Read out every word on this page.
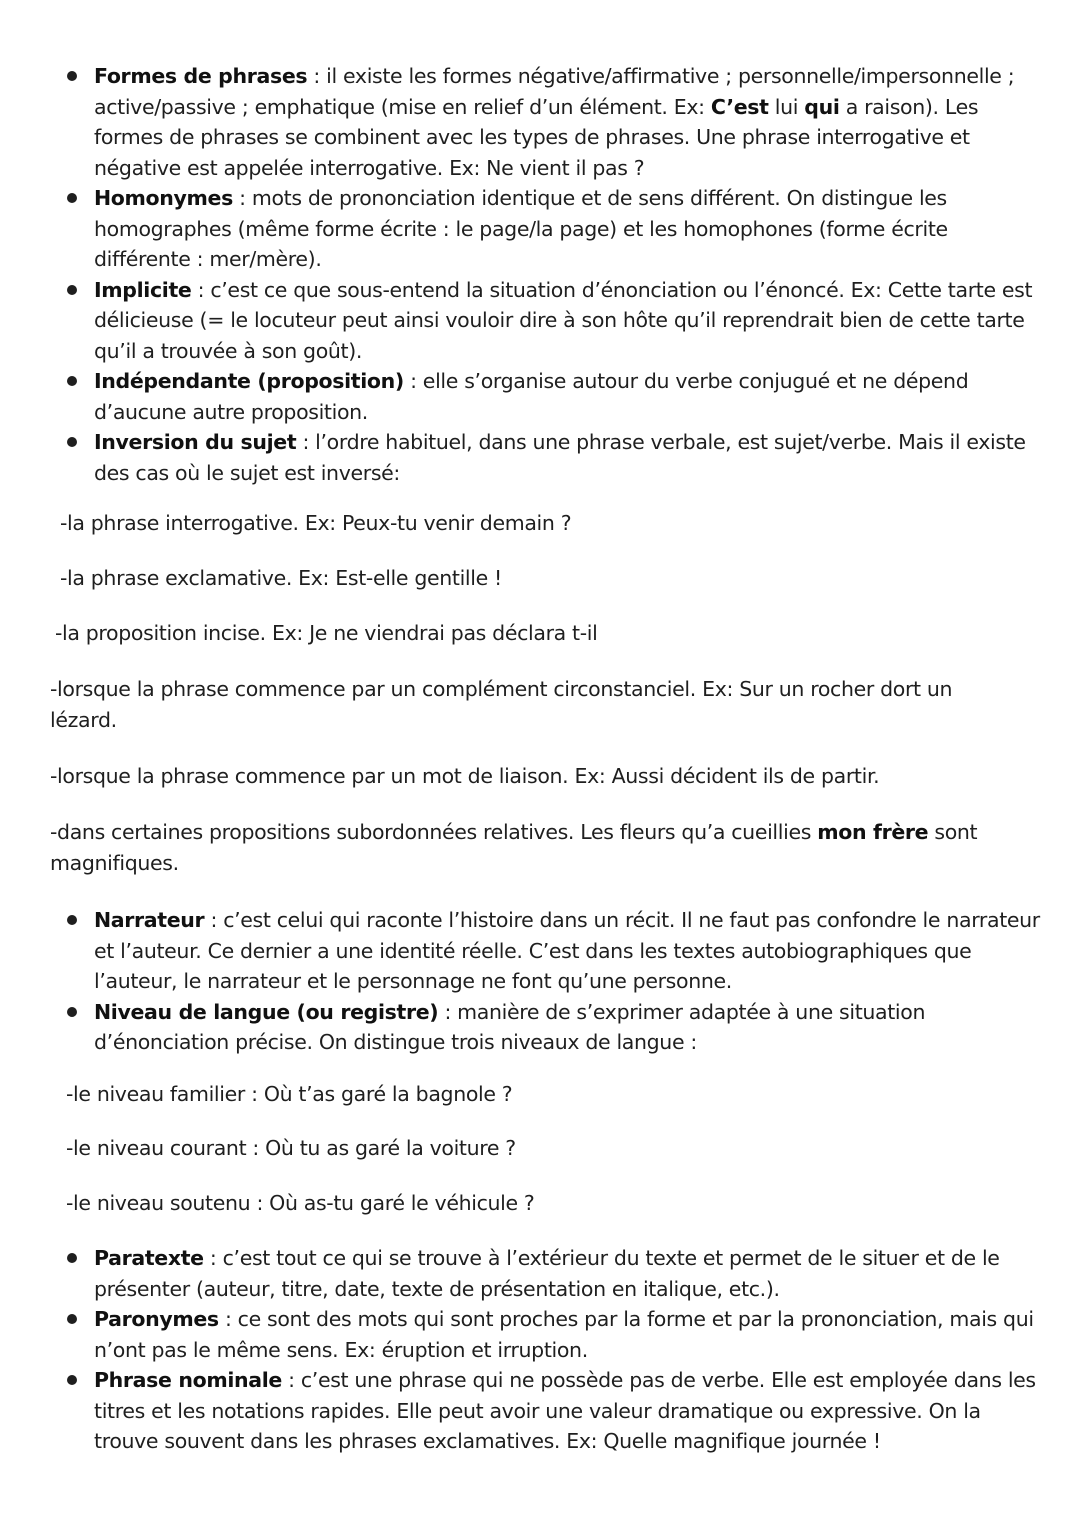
Formes de phrases : il existe les formes négative/affirmative ; personnelle/impersonnelle ; active/passive ; emphatique (mise en relief d’un élément. Ex: C’est lui qui a raison). Les formes de phrases se combinent avec les types de phrases. Une phrase interrogative et négative est appelée interrogative. Ex: Ne vient il pas ?
Homonymes : mots de prononciation identique et de sens différent. On distingue les homographes (même forme écrite : le page/la page) et les homophones (forme écrite différente : mer/mère).
Implicite : c’est ce que sous-entend la situation d’énonciation ou l’énoncé. Ex: Cette tarte est délicieuse (= le locuteur peut ainsi vouloir dire à son hôte qu’il reprendrait bien de cette tarte qu’il a trouvée à son goût).
Indépendante (proposition) : elle s’organise autour du verbe conjugué et ne dépend d’aucune autre proposition.
Inversion du sujet : l’ordre habituel, dans une phrase verbale, est sujet/verbe. Mais il existe des cas où le sujet est inversé:

-la phrase interrogative. Ex: Peux-tu venir demain ?

-la phrase exclamative. Ex: Est-elle gentille !

-la proposition incise. Ex: Je ne viendrai pas déclara t-il

-lorsque la phrase commence par un complément circonstanciel. Ex: Sur un rocher dort un lézard.

-lorsque la phrase commence par un mot de liaison. Ex: Aussi décident ils de partir.

-dans certaines propositions subordonnées relatives. Les fleurs qu’a cueillies mon frère sont magnifiques.

Narrateur : c’est celui qui raconte l’histoire dans un récit. Il ne faut pas confondre le narrateur et l’auteur. Ce dernier a une identité réelle. C’est dans les textes autobiographiques que l’auteur, le narrateur et le personnage ne font qu’une personne.
Niveau de langue (ou registre) : manière de s’exprimer adaptée à une situation d’énonciation précise. On distingue trois niveaux de langue :

-le niveau familier : Où t’as garé la bagnole ?

-le niveau courant : Où tu as garé la voiture ?

-le niveau soutenu : Où as-tu garé le véhicule ?

Paratexte : c’est tout ce qui se trouve à l’extérieur du texte et permet de le situer et de le présenter (auteur, titre, date, texte de présentation en italique, etc.).
Paronymes : ce sont des mots qui sont proches par la forme et par la prononciation, mais qui n’ont pas le même sens. Ex: éruption et irruption.
Phrase nominale : c’est une phrase qui ne possède pas de verbe. Elle est employée dans les titres et les notations rapides. Elle peut avoir une valeur dramatique ou expressive. On la trouve souvent dans les phrases exclamatives. Ex: Quelle magnifique journée !
